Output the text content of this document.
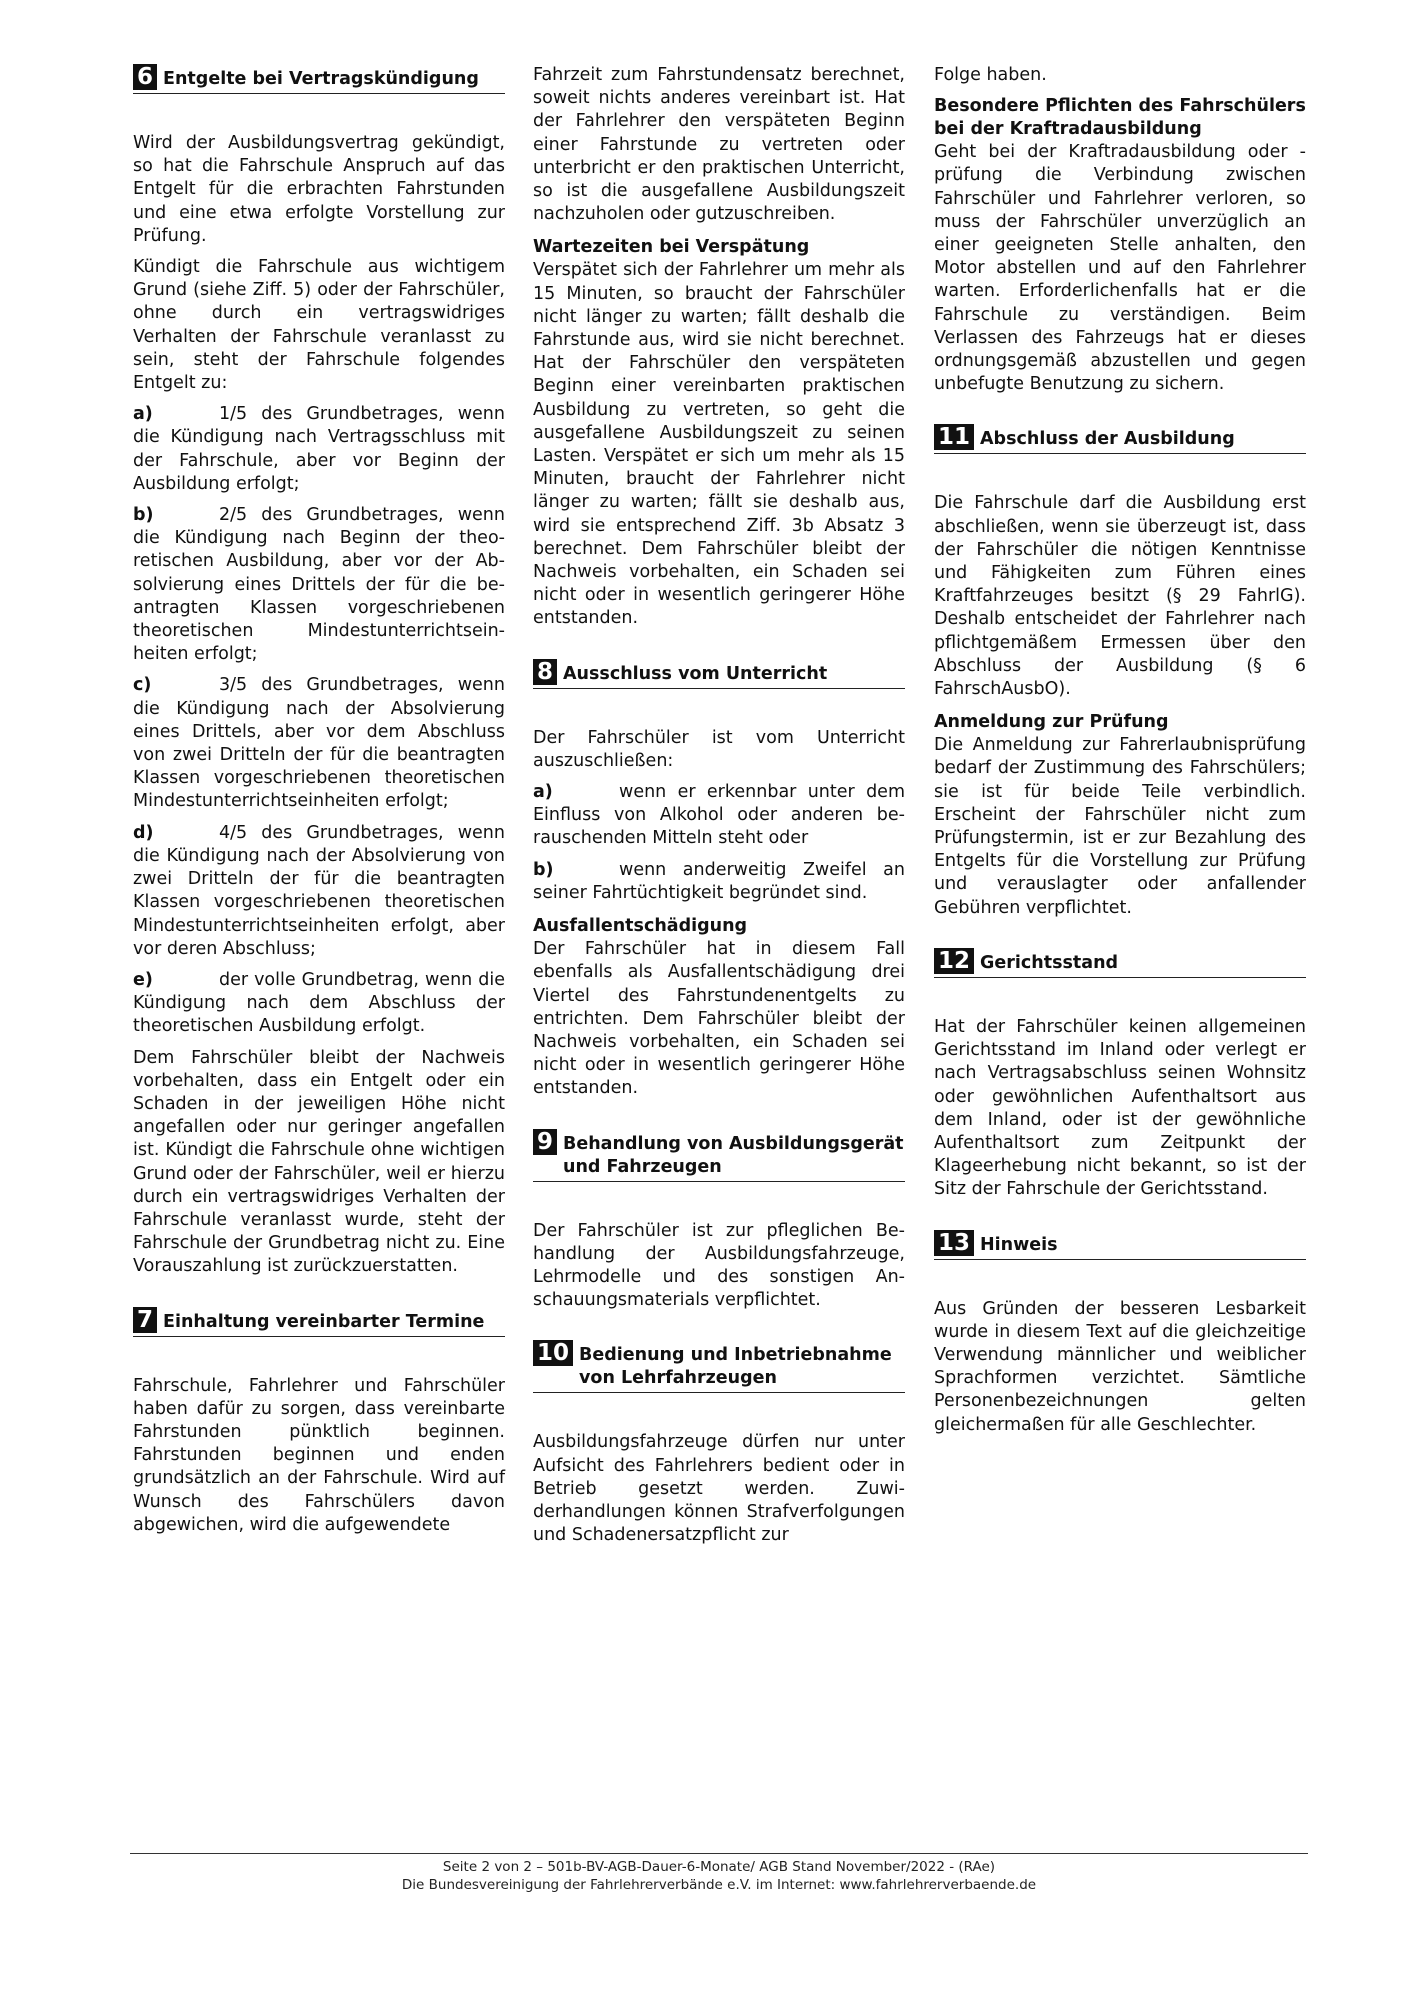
6 Entgelte bei Vertragskündigung

Wird der Ausbildungsvertrag gekündigt, so hat die Fahrschule Anspruch auf das Entgelt für die erbrachten Fahrstunden und eine etwa erfolgte Vorstellung zur Prüfung.

Kündigt die Fahrschule aus wichtigem Grund (siehe Ziff. 5) oder der Fahrschüler, ohne durch ein vertragswidriges Verhalten der Fahrschule veranlasst zu sein, steht der Fahrschule folgendes Entgelt zu:

a)	1/5 des Grundbetrages, wenn die Kündigung nach Vertragsschluss mit der Fahrschule, aber vor Beginn der Ausbildung erfolgt;

b)	2/5 des Grundbetrages, wenn die Kündigung nach Beginn der theoretischen Ausbildung, aber vor der Absolvierung eines Drittels der für die beantragten Klassen vorgeschriebenen theoretischen Mindestunterrichtseinheiten erfolgt;

c)	3/5 des Grundbetrages, wenn die Kündigung nach der Absolvierung eines Drittels, aber vor dem Abschluss von zwei Dritteln der für die beantragten Klassen vorgeschriebenen theoretischen Mindestunterrichtseinheiten erfolgt;

d)	4/5 des Grundbetrages, wenn die Kündigung nach der Absolvierung von zwei Dritteln der für die beantragten Klassen vorgeschriebenen theoretischen Mindestunterrichtseinheiten erfolgt, aber vor deren Abschluss;

e)	der volle Grundbetrag, wenn die Kündigung nach dem Abschluss der theoretischen Ausbildung erfolgt.

Dem Fahrschüler bleibt der Nachweis vorbehalten, dass ein Entgelt oder ein Schaden in der jeweiligen Höhe nicht angefallen oder nur geringer angefallen ist. Kündigt die Fahrschule ohne wichtigen Grund oder der Fahrschüler, weil er hierzu durch ein vertragswidriges Verhalten der Fahrschule veranlasst wurde, steht der Fahrschule der Grundbetrag nicht zu. Eine Vorauszahlung ist zurückzuerstatten.

7 Einhaltung vereinbarter Termine

Fahrschule, Fahrlehrer und Fahrschüler haben dafür zu sorgen, dass vereinbarte Fahrstunden pünktlich beginnen. Fahrstunden beginnen und enden grundsätzlich an der Fahrschule. Wird auf Wunsch des Fahrschülers davon abgewichen, wird die aufgewendete

Fahrzeit zum Fahrstundensatz berechnet, soweit nichts anderes vereinbart ist. Hat der Fahrlehrer den verspäteten Beginn einer Fahrstunde zu vertreten oder unterbricht er den praktischen Unterricht, so ist die ausgefallene Ausbildungszeit nachzuholen oder gutzuschreiben.

Wartezeiten bei Verspätung

Verspätet sich der Fahrlehrer um mehr als 15 Minuten, so braucht der Fahrschüler nicht länger zu warten; fällt deshalb die Fahrstunde aus, wird sie nicht berechnet. Hat der Fahrschüler den verspäteten Beginn einer vereinbarten praktischen Ausbildung zu vertreten, so geht die ausgefallene Ausbildungszeit zu seinen Lasten. Verspätet er sich um mehr als 15 Minuten, braucht der Fahrlehrer nicht länger zu warten; fällt sie deshalb aus, wird sie entsprechend Ziff. 3b Absatz 3 berechnet. Dem Fahrschüler bleibt der Nachweis vorbehalten, ein Schaden sei nicht oder in wesentlich geringerer Höhe entstanden.

8 Ausschluss vom Unterricht

Der Fahrschüler ist vom Unterricht auszuschließen:

a)	wenn er erkennbar unter dem Einfluss von Alkohol oder anderen berauschenden Mitteln steht oder

b)	wenn anderweitig Zweifel an seiner Fahrtüchtigkeit begründet sind.

Ausfallentschädigung

Der Fahrschüler hat in diesem Fall ebenfalls als Ausfallentschädigung drei Viertel des Fahrstundenentgelts zu entrichten. Dem Fahrschüler bleibt der Nachweis vorbehalten, ein Schaden sei nicht oder in wesentlich geringerer Höhe entstanden.

9 Behandlung von Ausbildungsgerät und Fahrzeugen

Der Fahrschüler ist zur pfleglichen Behandlung der Ausbildungsfahrzeuge, Lehrmodelle und des sonstigen Anschauungsmaterials verpflichtet.

10 Bedienung und Inbetriebnahme von Lehrfahrzeugen

Ausbildungsfahrzeuge dürfen nur unter Aufsicht des Fahrlehrers bedient oder in Betrieb gesetzt werden. Zuwiderhandlungen können Strafverfolgungen und Schadenersatzpflicht zur

Folge haben.

Besondere Pflichten des Fahrschülers bei der Kraftradausbildung

Geht bei der Kraftradausbildung oder -prüfung die Verbindung zwischen Fahrschüler und Fahrlehrer verloren, so muss der Fahrschüler unverzüglich an einer geeigneten Stelle anhalten, den Motor abstellen und auf den Fahrlehrer warten. Erforderlichenfalls hat er die Fahrschule zu verständigen. Beim Verlassen des Fahrzeugs hat er dieses ordnungsgemäß abzustellen und gegen unbefugte Benutzung zu sichern.

11 Abschluss der Ausbildung

Die Fahrschule darf die Ausbildung erst abschließen, wenn sie überzeugt ist, dass der Fahrschüler die nötigen Kenntnisse und Fähigkeiten zum Führen eines Kraftfahrzeuges besitzt (§ 29 FahrlG). Deshalb entscheidet der Fahrlehrer nach pflichtgemäßem Ermessen über den Abschluss der Ausbildung (§ 6 FahrschAusbO).

Anmeldung zur Prüfung

Die Anmeldung zur Fahrerlaubnisprüfung bedarf der Zustimmung des Fahrschülers; sie ist für beide Teile verbindlich. Erscheint der Fahrschüler nicht zum Prüfungstermin, ist er zur Bezahlung des Entgelts für die Vorstellung zur Prüfung und verauslagter oder anfallender Gebühren verpflichtet.

12 Gerichtsstand

Hat der Fahrschüler keinen allgemeinen Gerichtsstand im Inland oder verlegt er nach Vertragsabschluss seinen Wohnsitz oder gewöhnlichen Aufenthaltsort aus dem Inland, oder ist der gewöhnliche Aufenthaltsort zum Zeitpunkt der Klageerhebung nicht bekannt, so ist der Sitz der Fahrschule der Gerichtsstand.

13 Hinweis

Aus Gründen der besseren Lesbarkeit wurde in diesem Text auf die gleichzeitige Verwendung männlicher und weiblicher Sprachformen verzichtet. Sämtliche Personenbezeichnungen gelten gleichermaßen für alle Geschlechter.

Seite 2 von 2 – 501b-BV-AGB-Dauer-6-Monate/ AGB Stand November/2022 - (RAe)
Die Bundesvereinigung der Fahrlehrerverbände e.V. im Internet: www.fahrlehrerverbaende.de
